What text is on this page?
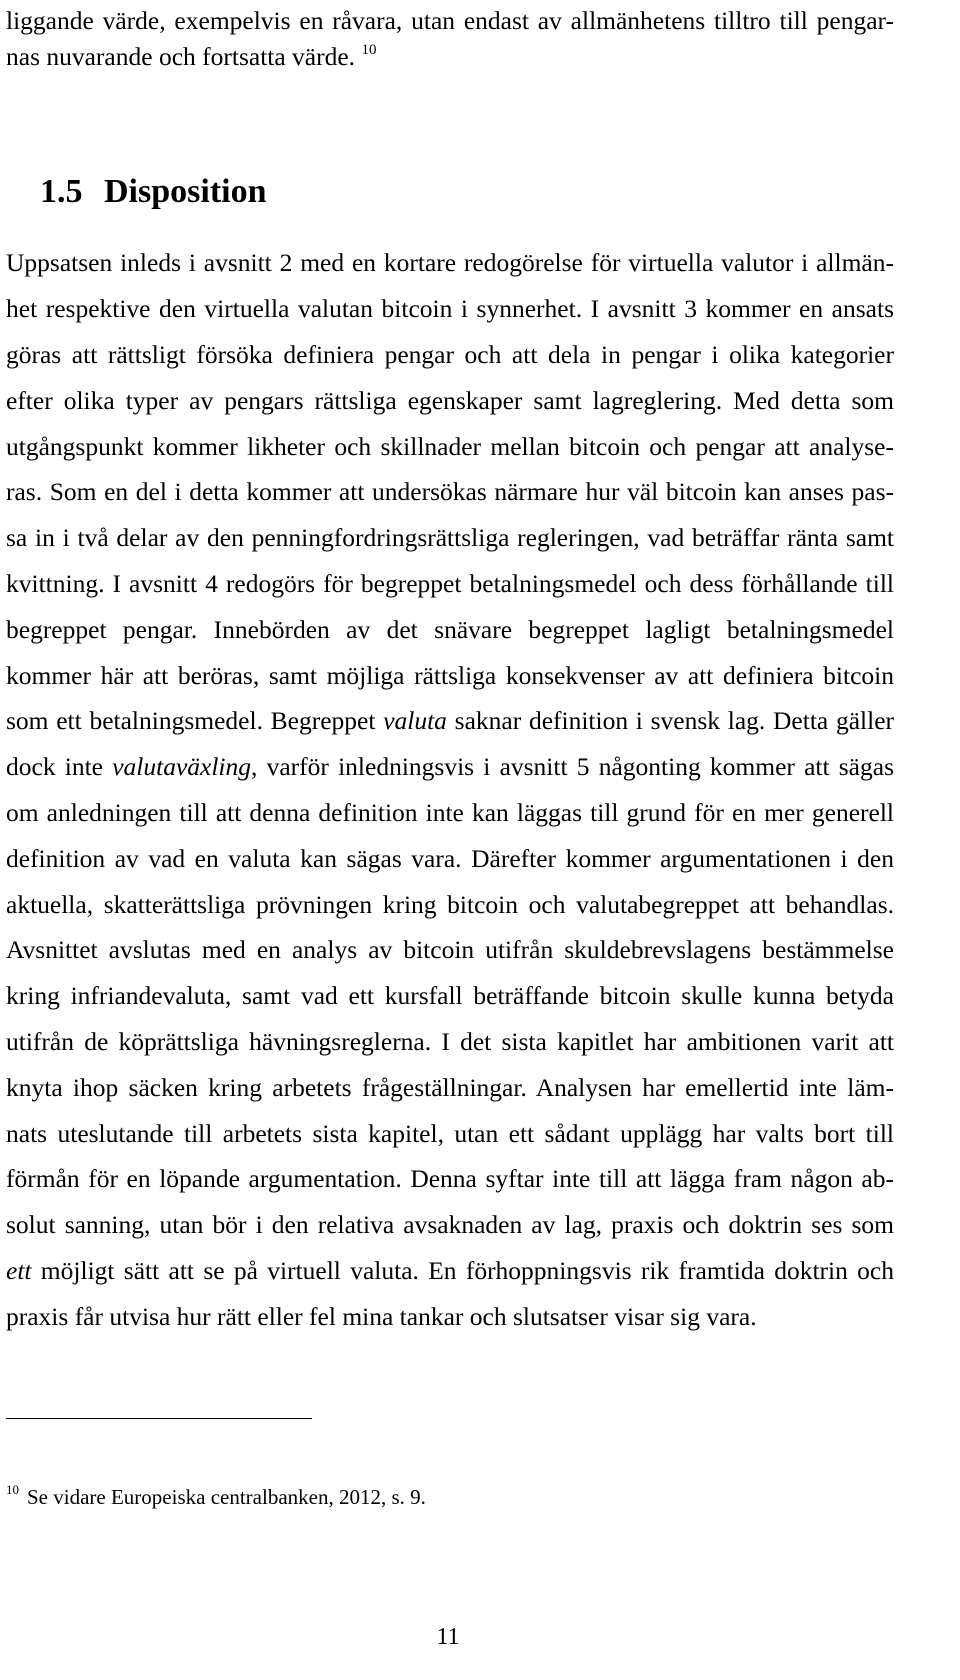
liggande värde, exempelvis en råvara, utan endast av allmänhetens tilltro till pengar-
nas nuvarande och fortsatta värde. $^{10}$
1.5 Disposition
Uppsatsen inleds i avsnitt 2 med en kortare redogörelse för virtuella valutor i allmän-
het respektive den virtuella valutan bitcoin i synnerhet. I avsnitt 3 kommer en ansats
göras att rättsligt försöka definiera pengar och att dela in pengar i olika kategorier
efter olika typer av pengars rättsliga egenskaper samt lagreglering. Med detta som
utgångspunkt kommer likheter och skillnader mellan bitcoin och pengar att analyse-
ras. Som en del i detta kommer att undersökas närmare hur väl bitcoin kan anses pas-
sa in i två delar av den penningfordringsrättsliga regleringen, vad beträffar ränta samt
kvittning. I avsnitt 4 redogörs för begreppet betalningsmedel och dess förhållande till
begreppet pengar. Innebörden av det snävare begreppet lagligt betalningsmedel
kommer här att beröras, samt möjliga rättsliga konsekvenser av att definiera bitcoin
som ett betalningsmedel. Begreppet valuta saknar definition i svensk lag. Detta gäller
dock inte valutaväxling, varför inledningsvis i avsnitt 5 någonting kommer att sägas
om anledningen till att denna definition inte kan läggas till grund för en mer generell
definition av vad en valuta kan sägas vara. Därefter kommer argumentationen i den
aktuella, skatterättsliga prövningen kring bitcoin och valutabegreppet att behandlas.
Avsnittet avslutas med en analys av bitcoin utifrån skuldebrevslagens bestämmelse
kring infriandevaluta, samt vad ett kursfall beträffande bitcoin skulle kunna betyda
utifrån de köprättsliga hävningsreglerna. I det sista kapitlet har ambitionen varit att
knyta ihop säcken kring arbetets frågeställningar. Analysen har emellertid inte läm-
nats uteslutande till arbetets sista kapitel, utan ett sådant upplägg har valts bort till
förmån för en löpande argumentation. Denna syftar inte till att lägga fram någon ab-
solut sanning, utan bör i den relativa avsaknaden av lag, praxis och doktrin ses som
ett möjligt sätt att se på virtuell valuta. En förhoppningsvis rik framtida doktrin och
praxis får utvisa hur rätt eller fel mina tankar och slutsatser visar sig vara.
$^{10}$ Se vidare Europeiska centralbanken, 2012, s. 9.
11
